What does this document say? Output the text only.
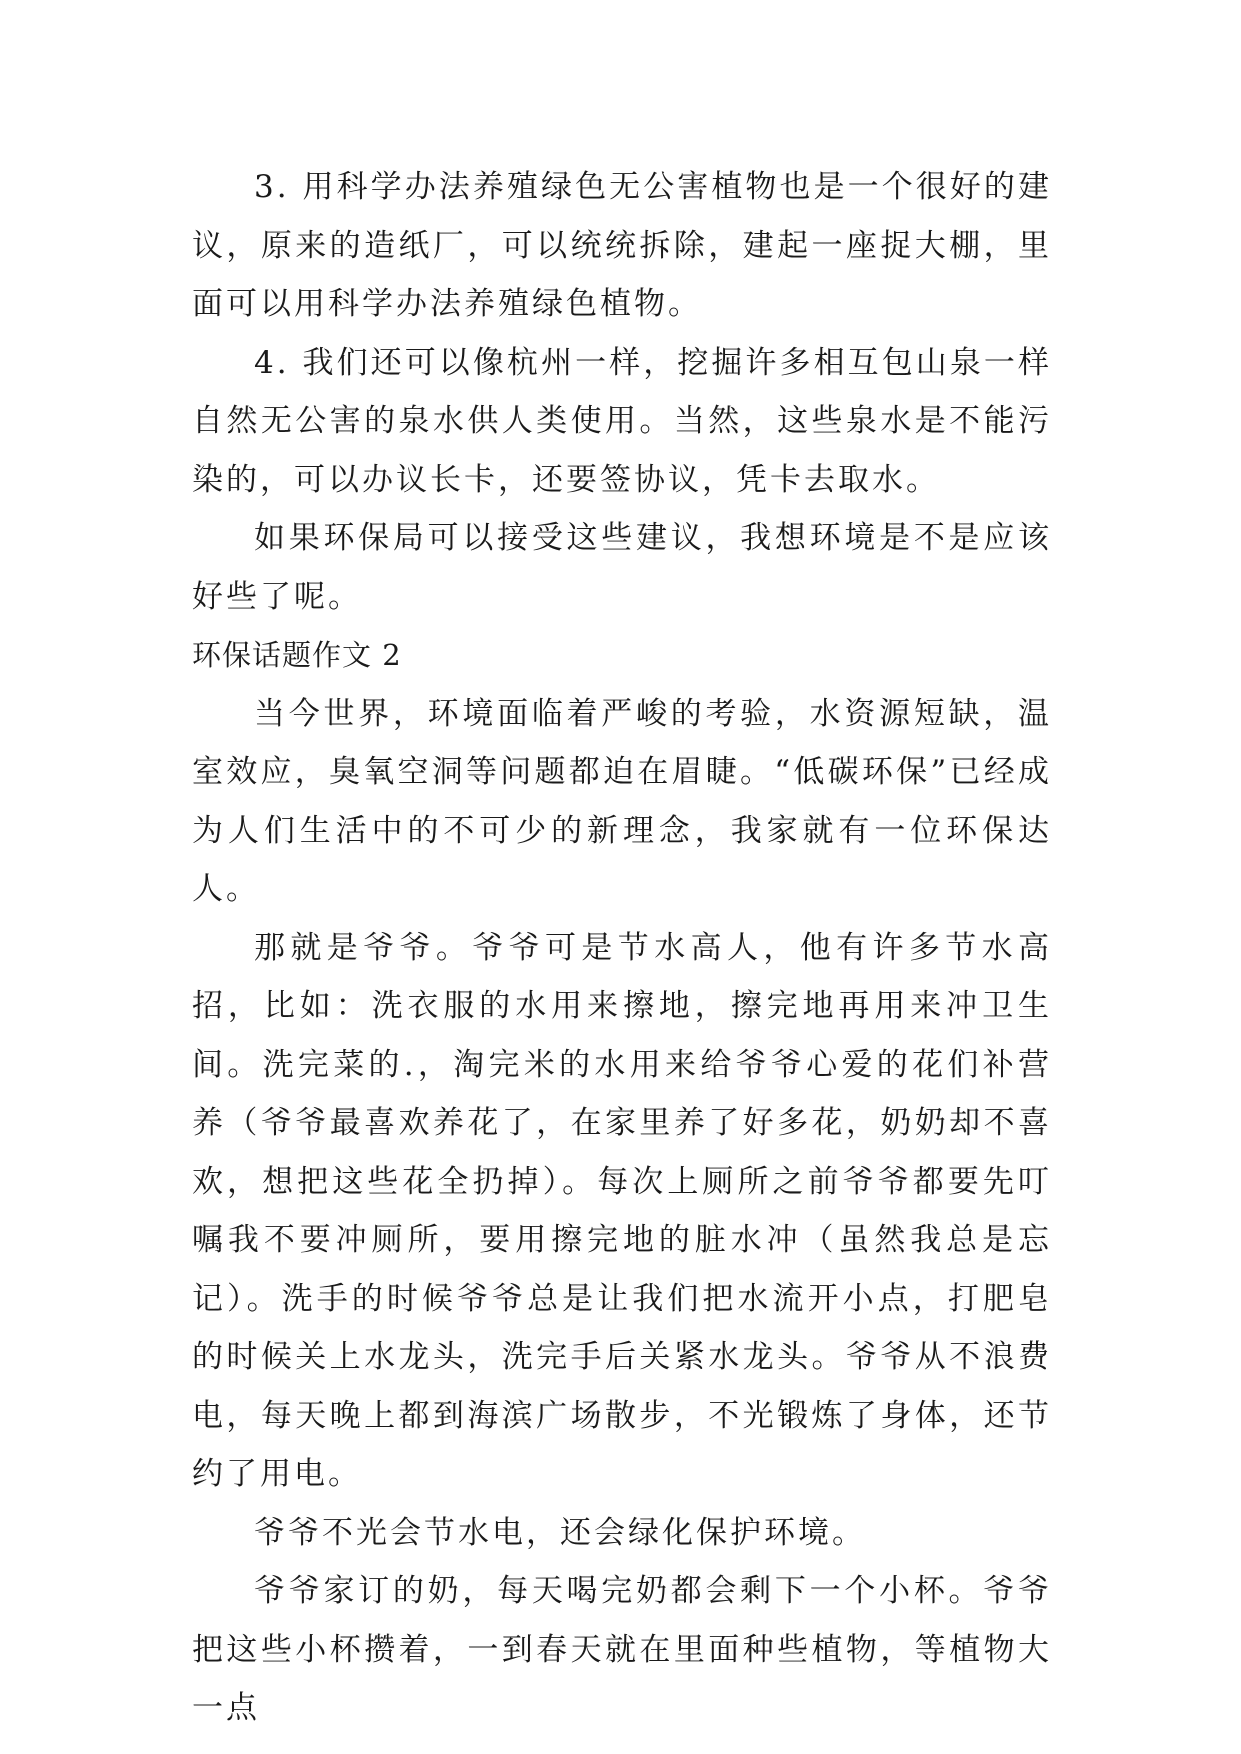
3. 用科学办法养殖绿色无公害植物也是一个很好的建议，原来的造纸厂，可以统统拆除，建起一座捉大棚，里面可以用科学办法养殖绿色植物。

4. 我们还可以像杭州一样，挖掘许多相互包山泉一样自然无公害的泉水供人类使用。当然，这些泉水是不能污染的，可以办议长卡，还要签协议，凭卡去取水。

如果环保局可以接受这些建议，我想环境是不是应该好些了呢。

环保话题作文 2

当今世界，环境面临着严峻的考验，水资源短缺，温室效应，臭氧空洞等问题都迫在眉睫。“低碳环保”已经成为人们生活中的不可少的新理念，我家就有一位环保达人。

那就是爷爷。爷爷可是节水高人，他有许多节水高招，比如：洗衣服的水用来擦地，擦完地再用来冲卫生间。洗完菜的.，淘完米的水用来给爷爷心爱的花们补营养（爷爷最喜欢养花了，在家里养了好多花，奶奶却不喜欢，想把这些花全扔掉）。每次上厕所之前爷爷都要先叮嘱我不要冲厕所，要用擦完地的脏水冲（虽然我总是忘记）。洗手的时候爷爷总是让我们把水流开小点，打肥皂的时候关上水龙头，洗完手后关紧水龙头。爷爷从不浪费电，每天晚上都到海滨广场散步，不光锻炼了身体，还节约了用电。

爷爷不光会节水电，还会绿化保护环境。

爷爷家订的奶，每天喝完奶都会剩下一个小杯。爷爷把这些小杯攒着，一到春天就在里面种些植物，等植物大一点
